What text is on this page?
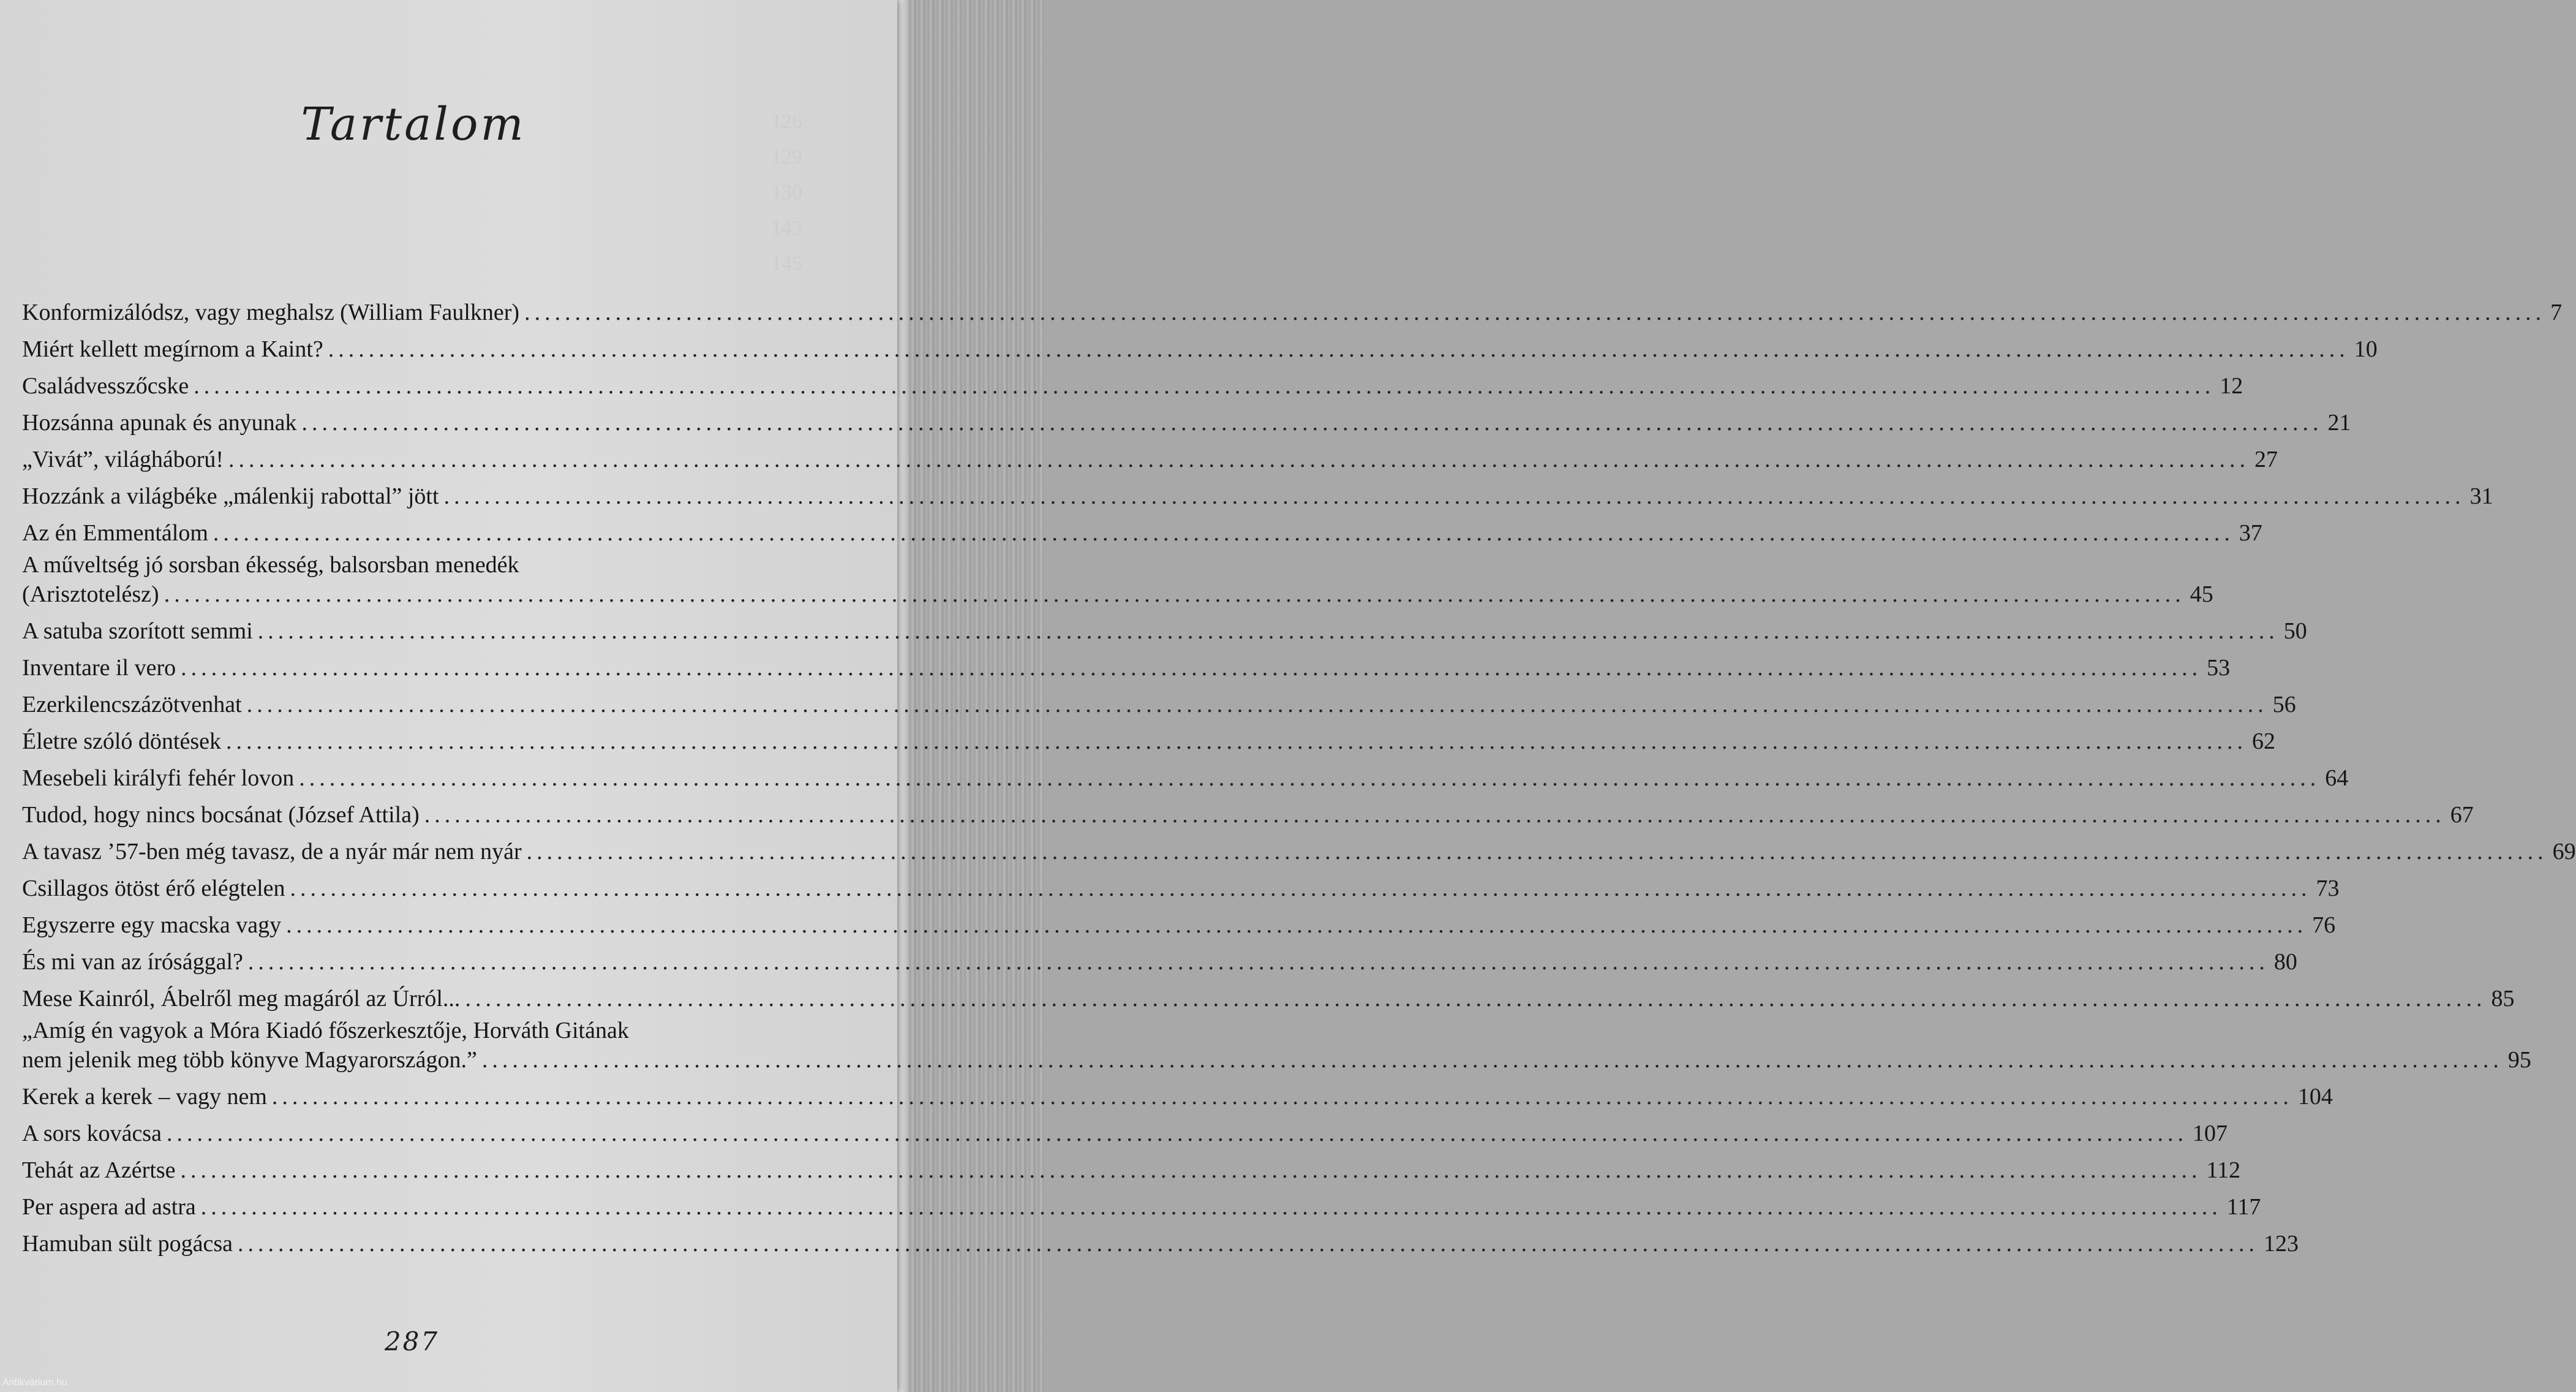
126
129
130
143
145
Tartalom
Konformizálódsz, vagy meghalsz (William Faulkner) ........................................................................................................................................................................................................ 7
Miért kellett megírnom a Kaint? ........................................................................................................................................................................................................ 10
Családvesszőcske ........................................................................................................................................................................................................ 12
Hozsánna apunak és anyunak ........................................................................................................................................................................................................ 21
„Vivát”, világháború! ........................................................................................................................................................................................................ 27
Hozzánk a világbéke „málenkij rabottal” jött ........................................................................................................................................................................................................ 31
Az én Emmentálom ........................................................................................................................................................................................................ 37
A műveltség jó sorsban ékesség, balsorsban menedék
(Arisztotelész) ........................................................................................................................................................................................................ 45
A satuba szorított semmi ........................................................................................................................................................................................................ 50
Inventare il vero ........................................................................................................................................................................................................ 53
Ezerkilencszázötvenhat ........................................................................................................................................................................................................ 56
Életre szóló döntések ........................................................................................................................................................................................................ 62
Mesebeli királyfi fehér lovon ........................................................................................................................................................................................................ 64
Tudod, hogy nincs bocsánat (József Attila) ........................................................................................................................................................................................................ 67
A tavasz ’57-ben még tavasz, de a nyár már nem nyár ........................................................................................................................................................................................................ 69
Csillagos ötöst érő elégtelen ........................................................................................................................................................................................................ 73
Egyszerre egy macska vagy ........................................................................................................................................................................................................ 76
És mi van az írósággal? ........................................................................................................................................................................................................ 80
Mese Kainról, Ábelről meg magáról az Úrról... ........................................................................................................................................................................................................ 85
„Amíg én vagyok a Móra Kiadó főszerkesztője, Horváth Gitának
nem jelenik meg több könyve Magyarországon.” ........................................................................................................................................................................................................ 95
Kerek a kerek – vagy nem ........................................................................................................................................................................................................ 104
A sors kovácsa ........................................................................................................................................................................................................ 107
Tehát az Azértse ........................................................................................................................................................................................................ 112
Per aspera ad astra ........................................................................................................................................................................................................ 117
Hamuban sült pogácsa ........................................................................................................................................................................................................ 123
287
Antikvárium.hu
